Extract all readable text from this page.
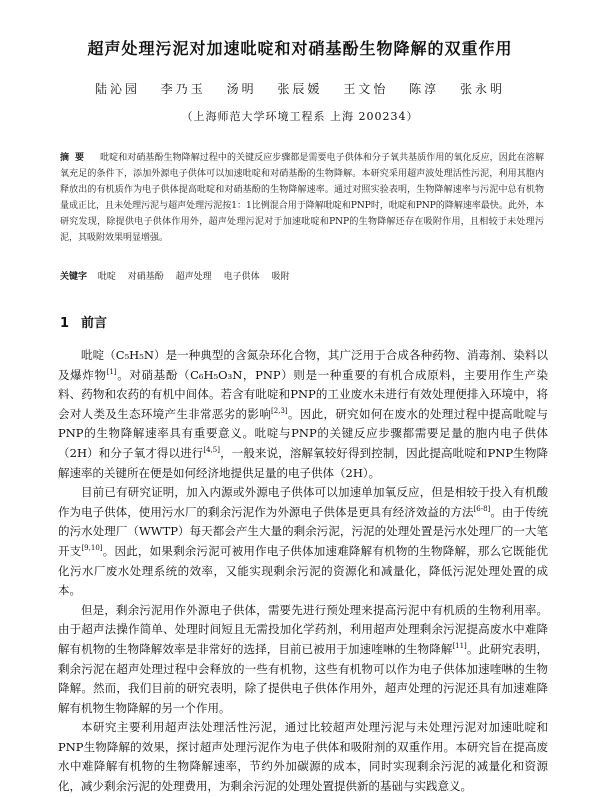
超声处理污泥对加速吡啶和对硝基酚生物降解的双重作用
陆沁园 李乃玉 汤明 张辰媛 王文怡 陈淳 张永明
（上海师范大学环境工程系 上海 200234）
摘要 吡啶和对硝基酚生物降解过程中的关键反应步骤都是需要电子供体和分子氧共基质作用的氧化反应，因此在溶解氧充足的条件下，添加外源电子供体可以加速吡啶和对硝基酚的生物降解。本研究采用超声波处理活性污泥，利用其胞内释放出的有机质作为电子供体提高吡啶和对硝基酚的生物降解速率。通过对照实验表明，生物降解速率与污泥中总有机物量成正比，且未处理污泥与超声处理污泥按1：1比例混合用于降解吡啶和PNP时，吡啶和PNP的降解速率最快。此外，本研究发现，除提供电子供体作用外，超声处理污泥对于加速吡啶和PNP的生物降解还存在吸附作用，且相较于未处理污泥，其吸附效果明显增强。
关键字 吡啶 对硝基酚 超声处理 电子供体 吸附
1 前言

吡啶（C₅H₅N）是一种典型的含氮杂环化合物，其广泛用于合成各种药物、消毒剂、染料以及爆炸物[1]。对硝基酚（C₆H₅O₃N，PNP）则是一种重要的有机合成原料，主要用作生产染料、药物和农药的有机中间体。若含有吡啶和PNP的工业废水未进行有效处理便排入环境中，将会对人类及生态环境产生非常恶劣的影响[2,3]。因此，研究如何在废水的处理过程中提高吡啶与PNP的生物降解速率具有重要意义。吡啶与PNP的关键反应步骤都需要足量的胞内电子供体（2H）和分子氧才得以进行[4,5]，一般来说，溶解氧较好得到控制，因此提高吡啶和PNP生物降解速率的关键所在便是如何经济地提供足量的电子供体（2H）。

目前已有研究证明，加入内源或外源电子供体可以加速单加氧反应，但是相较于投入有机酸作为电子供体，使用污水厂的剩余污泥作为外源电子供体是更具有经济效益的方法[6-8]。由于传统的污水处理厂（WWTP）每天都会产生大量的剩余污泥，污泥的处理处置是污水处理厂的一大笔开支[9,10]。因此，如果剩余污泥可被用作电子供体加速难降解有机物的生物降解，那么它既能优化污水厂废水处理系统的效率，又能实现剩余污泥的资源化和减量化，降低污泥处理处置的成本。

但是，剩余污泥用作外源电子供体，需要先进行预处理来提高污泥中有机质的生物利用率。由于超声法操作简单、处理时间短且无需投加化学药剂，利用超声处理剩余污泥提高废水中难降解有机物的生物降解效率是非常好的选择，目前已被用于加速喹啉的生物降解[11]。此研究表明，剩余污泥在超声处理过程中会释放的一些有机物，这些有机物可以作为电子供体加速喹啉的生物降解。然而，我们目前的研究表明，除了提供电子供体作用外，超声处理的污泥还具有加速难降解有机物生物降解的另一个作用。

本研究主要利用超声法处理活性污泥，通过比较超声处理污泥与未处理污泥对加速吡啶和PNP生物降解的效果，探讨超声处理污泥作为电子供体和吸附剂的双重作用。本研究旨在提高废水中难降解有机物的生物降解速率，节约外加碳源的成本，同时实现剩余污泥的减量化和资源化，减少剩余污泥的处理费用，为剩余污泥的处理处置提供新的基础与实践意义。
